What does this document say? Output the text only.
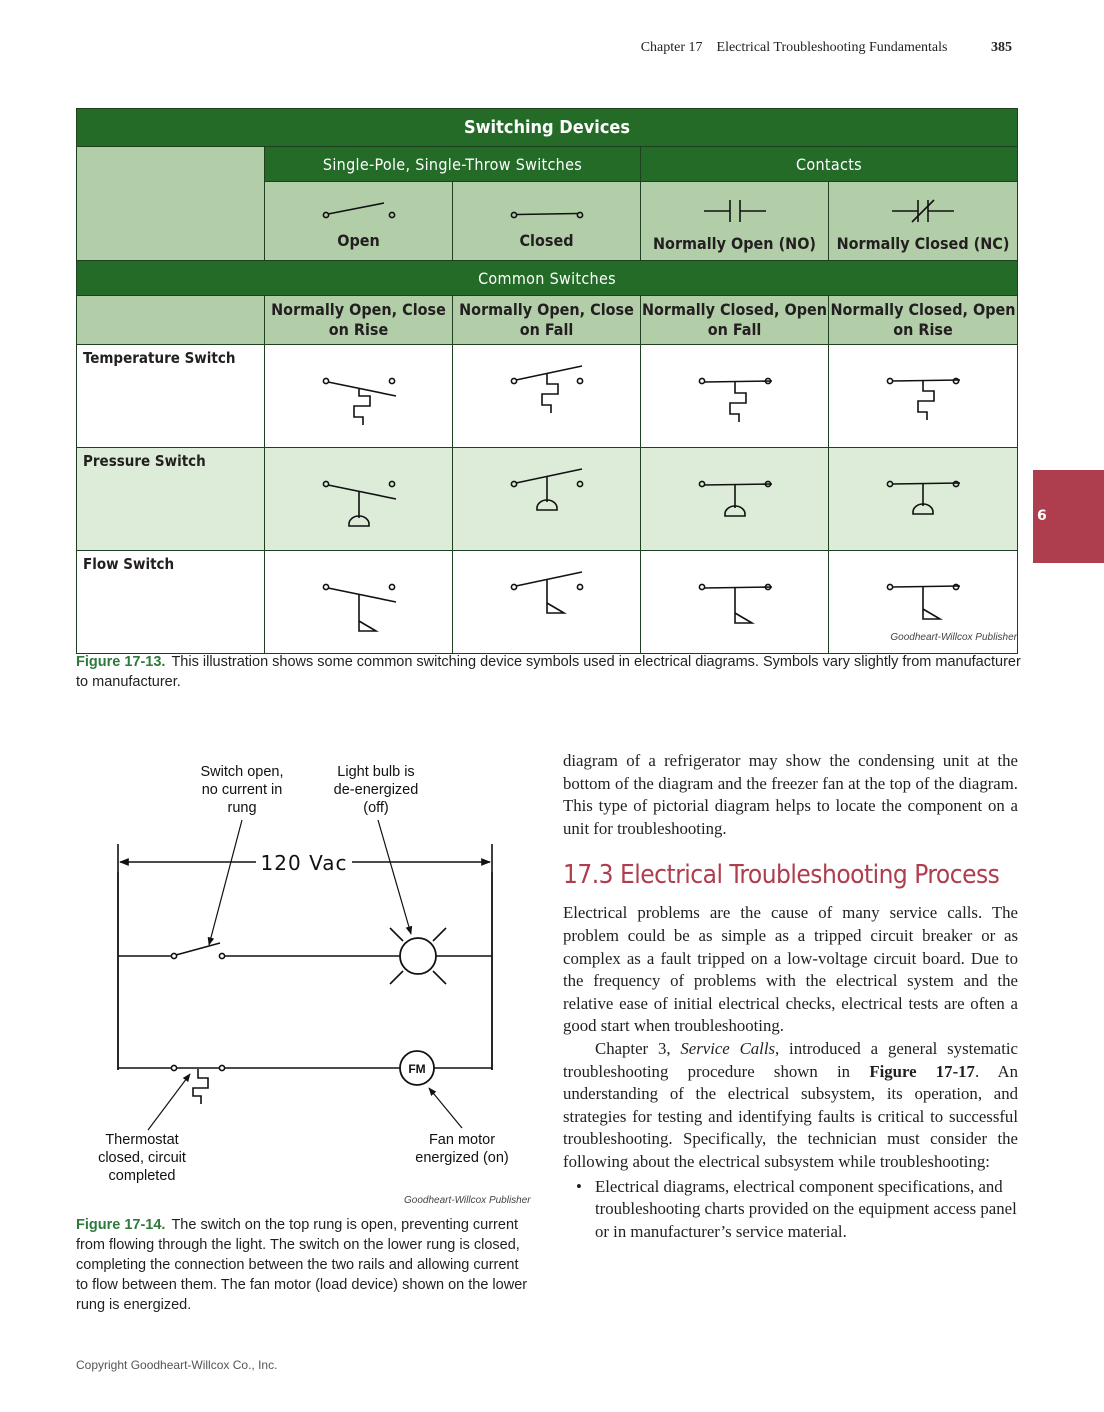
Chapter 17 Electrical Troubleshooting Fundamentals	385
6
Switching Devices				
	Single-Pole, Single-Throw Switches		Contacts	

	Open	Closed	Normally Open (NO)	Normally Closed (NC)

Common Switches				
	Normally Open, Close on Rise	Normally Open, Close on Fall	Normally Closed, Open on Fall	Normally Closed, Open on Rise
Temperature Switch	

Pressure Switch	

Flow Switch	

Goodheart-Willcox Publisher
Figure 17-13. This illustration shows some common switching device symbols used in electrical diagrams. Symbols vary slightly from manufacturer to manufacturer.
Switch open,
no current in
rung
Light bulb is
de-energized
(off)
120 Vac
FM
Thermostat
closed, circuit
completed
Fan motor
energized (on)
Goodheart-Willcox Publisher
Figure 17-14. The switch on the top rung is open, preventing current from flowing through the light. The switch on the lower rung is closed, completing the connection between the two rails and allowing current to flow between them. The fan motor (load device) shown on the lower rung is energized.

diagram of a refrigerator may show the condensing unit at the bottom of the diagram and the freezer fan at the top of the diagram. This type of pictorial diagram helps to locate the component on a unit for troubleshooting.

17.3 Electrical Troubleshooting Process

Electrical problems are the cause of many service calls. The problem could be as simple as a tripped circuit breaker or as complex as a fault tripped on a low-voltage circuit board. Due to the frequency of problems with the electrical system and the relative ease of initial electrical checks, electrical tests are often a good start when troubleshooting.

Chapter 3, Service Calls, introduced a general systematic troubleshooting procedure shown in Figure 17-17. An understanding of the electrical subsystem, its operation, and strategies for testing and identifying faults is critical to successful troubleshooting. Specifically, the technician must consider the following about the electrical subsystem while troubleshooting:

• Electrical diagrams, electrical component specifications, and troubleshooting charts provided on the equipment access panel or in manufacturer’s service material.
Copyright Goodheart-Willcox Co., Inc.
